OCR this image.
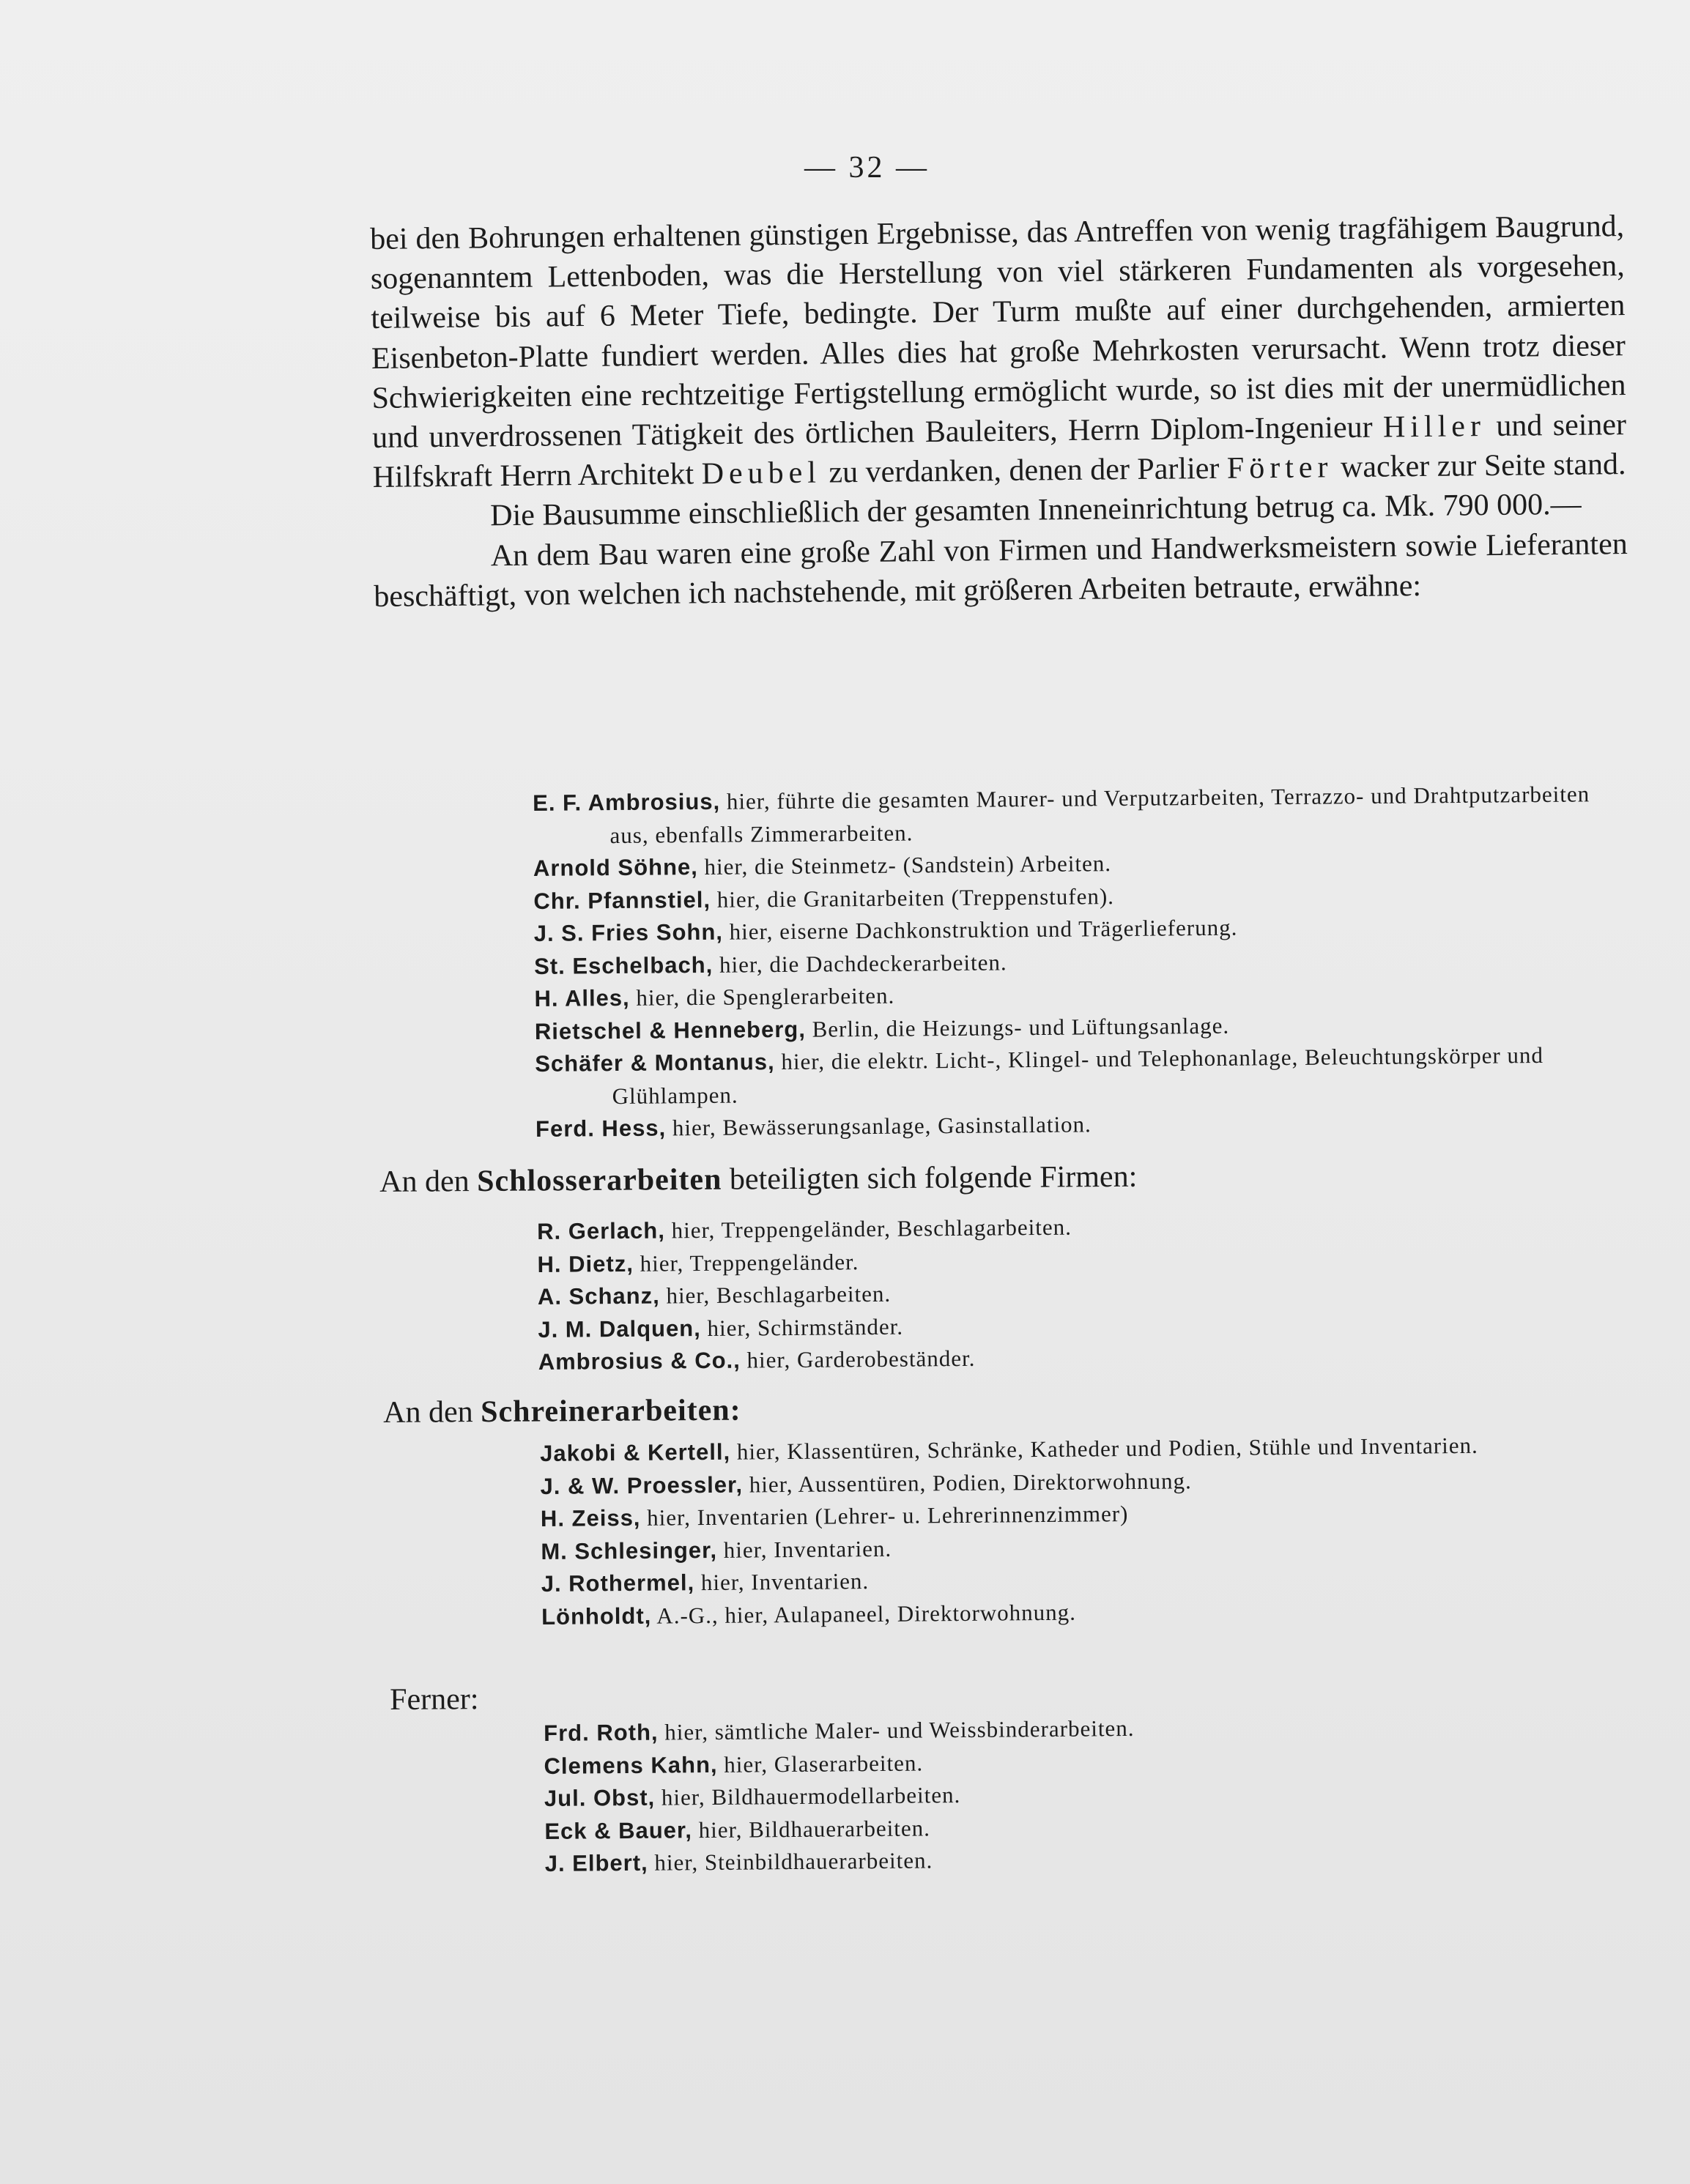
— 32 —

bei den Bohrungen erhaltenen günstigen Ergebnisse, das Antreffen von wenig tragfähigem Baugrund, sogenanntem Lettenboden, was die Herstellung von viel stärkeren Fundamenten als vorgesehen, teilweise bis auf 6 Meter Tiefe, bedingte. Der Turm mußte auf einer durchgehenden, armierten Eisenbeton-Platte fundiert werden. Alles dies hat große Mehrkosten verursacht. Wenn trotz dieser Schwierigkeiten eine rechtzeitige Fertigstellung ermöglicht wurde, so ist dies mit der unermüdlichen und unverdrossenen Tätigkeit des örtlichen Bauleiters, Herrn Diplom-Ingenieur Hiller und seiner Hilfskraft Herrn Architekt Deubel zu verdanken, denen der Parlier Förter wacker zur Seite stand.

Die Bausumme einschließlich der gesamten Inneneinrichtung betrug ca. Mk. 790 000.—

An dem Bau waren eine große Zahl von Firmen und Handwerksmeistern sowie Lieferanten beschäftigt, von welchen ich nachstehende, mit größeren Arbeiten betraute, erwähne:

E. F. Ambrosius, hier, führte die gesamten Maurer- und Verputzarbeiten, Terrazzo- und Drahtputzarbeiten aus, ebenfalls Zimmerarbeiten.

Arnold Söhne, hier, die Steinmetz- (Sandstein) Arbeiten.

Chr. Pfannstiel, hier, die Granitarbeiten (Treppenstufen).

J. S. Fries Sohn, hier, eiserne Dachkonstruktion und Trägerlieferung.

St. Eschelbach, hier, die Dachdeckerarbeiten.

H. Alles, hier, die Spenglerarbeiten.

Rietschel & Henneberg, Berlin, die Heizungs- und Lüftungsanlage.

Schäfer & Montanus, hier, die elektr. Licht-, Klingel- und Telephonanlage, Beleuchtungskörper und Glühlampen.

Ferd. Hess, hier, Bewässerungsanlage, Gasinstallation.

An den Schlosserarbeiten beteiligten sich folgende Firmen:

R. Gerlach, hier, Treppengeländer, Beschlagarbeiten.

H. Dietz, hier, Treppengeländer.

A. Schanz, hier, Beschlagarbeiten.

J. M. Dalquen, hier, Schirmständer.

Ambrosius & Co., hier, Garderobeständer.

An den Schreinerarbeiten:

Jakobi & Kertell, hier, Klassentüren, Schränke, Katheder und Podien, Stühle und Inventarien.

J. & W. Proessler, hier, Aussentüren, Podien, Direktorwohnung.

H. Zeiss, hier, Inventarien (Lehrer- u. Lehrerinnenzimmer)

M. Schlesinger, hier, Inventarien.

J. Rothermel, hier, Inventarien.

Lönholdt, A.-G., hier, Aulapaneel, Direktorwohnung.

Ferner:

Frd. Roth, hier, sämtliche Maler- und Weissbinderarbeiten.

Clemens Kahn, hier, Glaserarbeiten.

Jul. Obst, hier, Bildhauermodellarbeiten.

Eck & Bauer, hier, Bildhauerarbeiten.

J. Elbert, hier, Steinbildhauerarbeiten.
